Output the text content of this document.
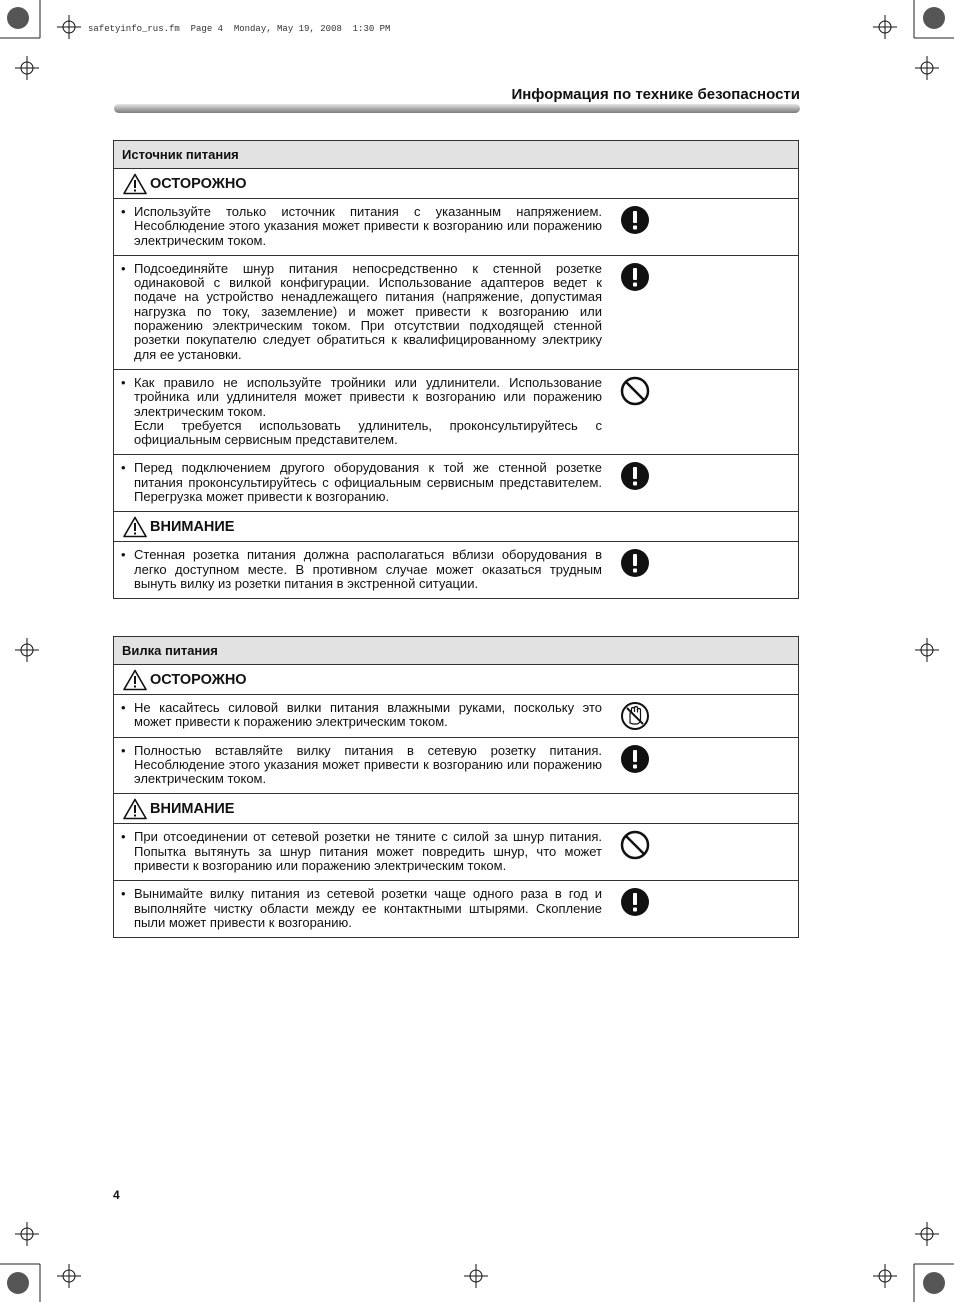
safetyinfo_rus.fm  Page 4  Monday, May 19, 2008  1:30 PM
Информация по технике безопасности
Источник питания
ОСТОРОЖНО

• Используйте только источник питания с указанным напряжением. Несоблюдение этого указания может привести к возгоранию или поражению электрическим током.

• Подсоединяйте шнур питания непосредственно к стенной розетке одинаковой с вилкой конфигурации. Использование адаптеров ведет к подаче на устройство ненадлежащего питания (напряжение, допустимая нагрузка по току, заземление) и может привести к возгоранию или поражению электрическим током. При отсутствии подходящей стенной розетки покупателю следует обратиться к квалифицированному электрику для ее установки.

• Как правило не используйте тройники или удлинители. Использование тройника или удлинителя может привести к возгоранию или поражению электрическим током.

Если требуется использовать удлинитель, проконсультируйтесь с официальным сервисным представителем.

• Перед подключением другого оборудования к той же стенной розетке питания проконсультируйтесь с официальным сервисным представителем. Перегрузка может привести к возгоранию.

ВНИМАНИЕ

• Стенная розетка питания должна располагаться вблизи оборудования в легко доступном месте. В противном случае может оказаться трудным вынуть вилку из розетки питания в экстренной ситуации.

Вилка питания
ОСТОРОЖНО

• Не касайтесь силовой вилки питания влажными руками, поскольку это может привести к поражению электрическим током.

• Полностью вставляйте вилку питания в сетевую розетку питания. Несоблюдение этого указания может привести к возгоранию или поражению электрическим током.

ВНИМАНИЕ

• При отсоединении от сетевой розетки не тяните с силой за шнур питания. Попытка вытянуть за шнур питания может повредить шнур, что может привести к возгоранию или поражению электрическим током.

• Вынимайте вилку питания из сетевой розетки чаще одного раза в год и выполняйте чистку области между ее контактными штырями. Скопление пыли может привести к возгоранию.

4
